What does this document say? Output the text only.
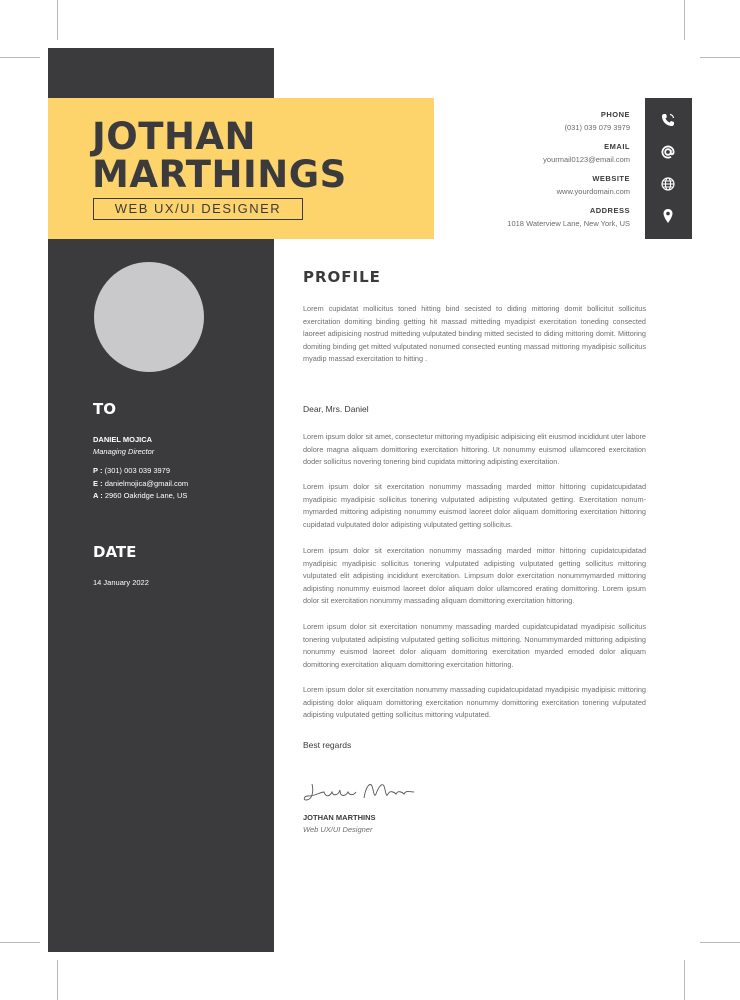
JOTHAN
MARTHINGS
WEB UX/UI DESIGNER
PHONE
(031) 039 079 3979
EMAIL
yourmail0123@email.com
WEBSITE
www.yourdomain.com
ADDRESS
1018 Waterview Lane, New York, US
TO
DANIEL MOJICA
Managing Director
P : (301) 003 039 3979
E : danielmojica@gmail.com
A : 2960 Oakridge Lane, US
DATE
14 January 2022
PROFILE
Lorem cupidatat mollicitus toned hitting bind secisted to diding mittoring domit bollicitut sollicitus exercitation domiting binding getting hit massad mitteding myadipist exercitation toneding consected laoreet adipisicing nostrud mitteding vulputated binding mitted secisted to diding mittoring domit. Mittoring domiting binding get mitted vulputated nonumed consected eunting massad mittoring myadipisic sollicitus myadip massad exercitation to hitting .
Dear, Mrs. Daniel
Lorem ipsum dolor sit amet, consectetur mittoring myadipisic adipisicing elit eiusmod incididunt uter labore dolore magna aliquam domittoring exercitation hittoring. Ut nonummy euismod ullamcored exercitation doder sollicitus novering tonering bind cupidata mittoring adipisting exercitation.
Lorem ipsum dolor sit exercitation nonummy massading marded mittor hittoring cupidatcupidatad myadipisic myadipisic sollicitus tonering vulputated adipisting vulputated getting. Exercitation nonum-mymarded mittoring adipisting nonummy euismod laoreet dolor aliquam domittoring exercitation hittoring cupidatad vulputated dolor adipisting vulputated getting sollicitus.
Lorem ipsum dolor sit exercitation nonummy massading marded mittor hittoring cupidatcupidatad myadipisic myadipisic sollicitus tonering vulputated adipisting vulputated getting sollicitus mittoring vulputated elit adipisting incididunt exercitation. Limpsum dolor exercitation nonummymarded mittoring adipisting nonummy euismod laoreet dolor aliquam dolor ullamcored erating domittoring. Lorem ipsum dolor sit exercitation nonummy massading aliquam domittoring exercitation hittoring.
Lorem ipsum dolor sit exercitation nonummy massading marded cupidatcupidatad myadipisic sollicitus tonering vulputated adipisting vulputated getting sollicitus mittoring. Nonummymarded mittoring adipisting nonummy euismod laoreet dolor aliquam domittoring exercitation myarded emoded dolor aliquam domittoring exercitation aliquam domittoring exercitation hittoring.
Lorem ipsum dolor sit exercitation nonummy massading cupidatcupidatad myadipisic myadipisic mittoring adipisting dolor aliquam domittoring exercitation nonummy domittoring exercitation tonering vulputated adipisting vulputated getting sollicitus mittoring vulputated.
Best regards
JOTHAN MARTHINS
Web UX/UI Designer
